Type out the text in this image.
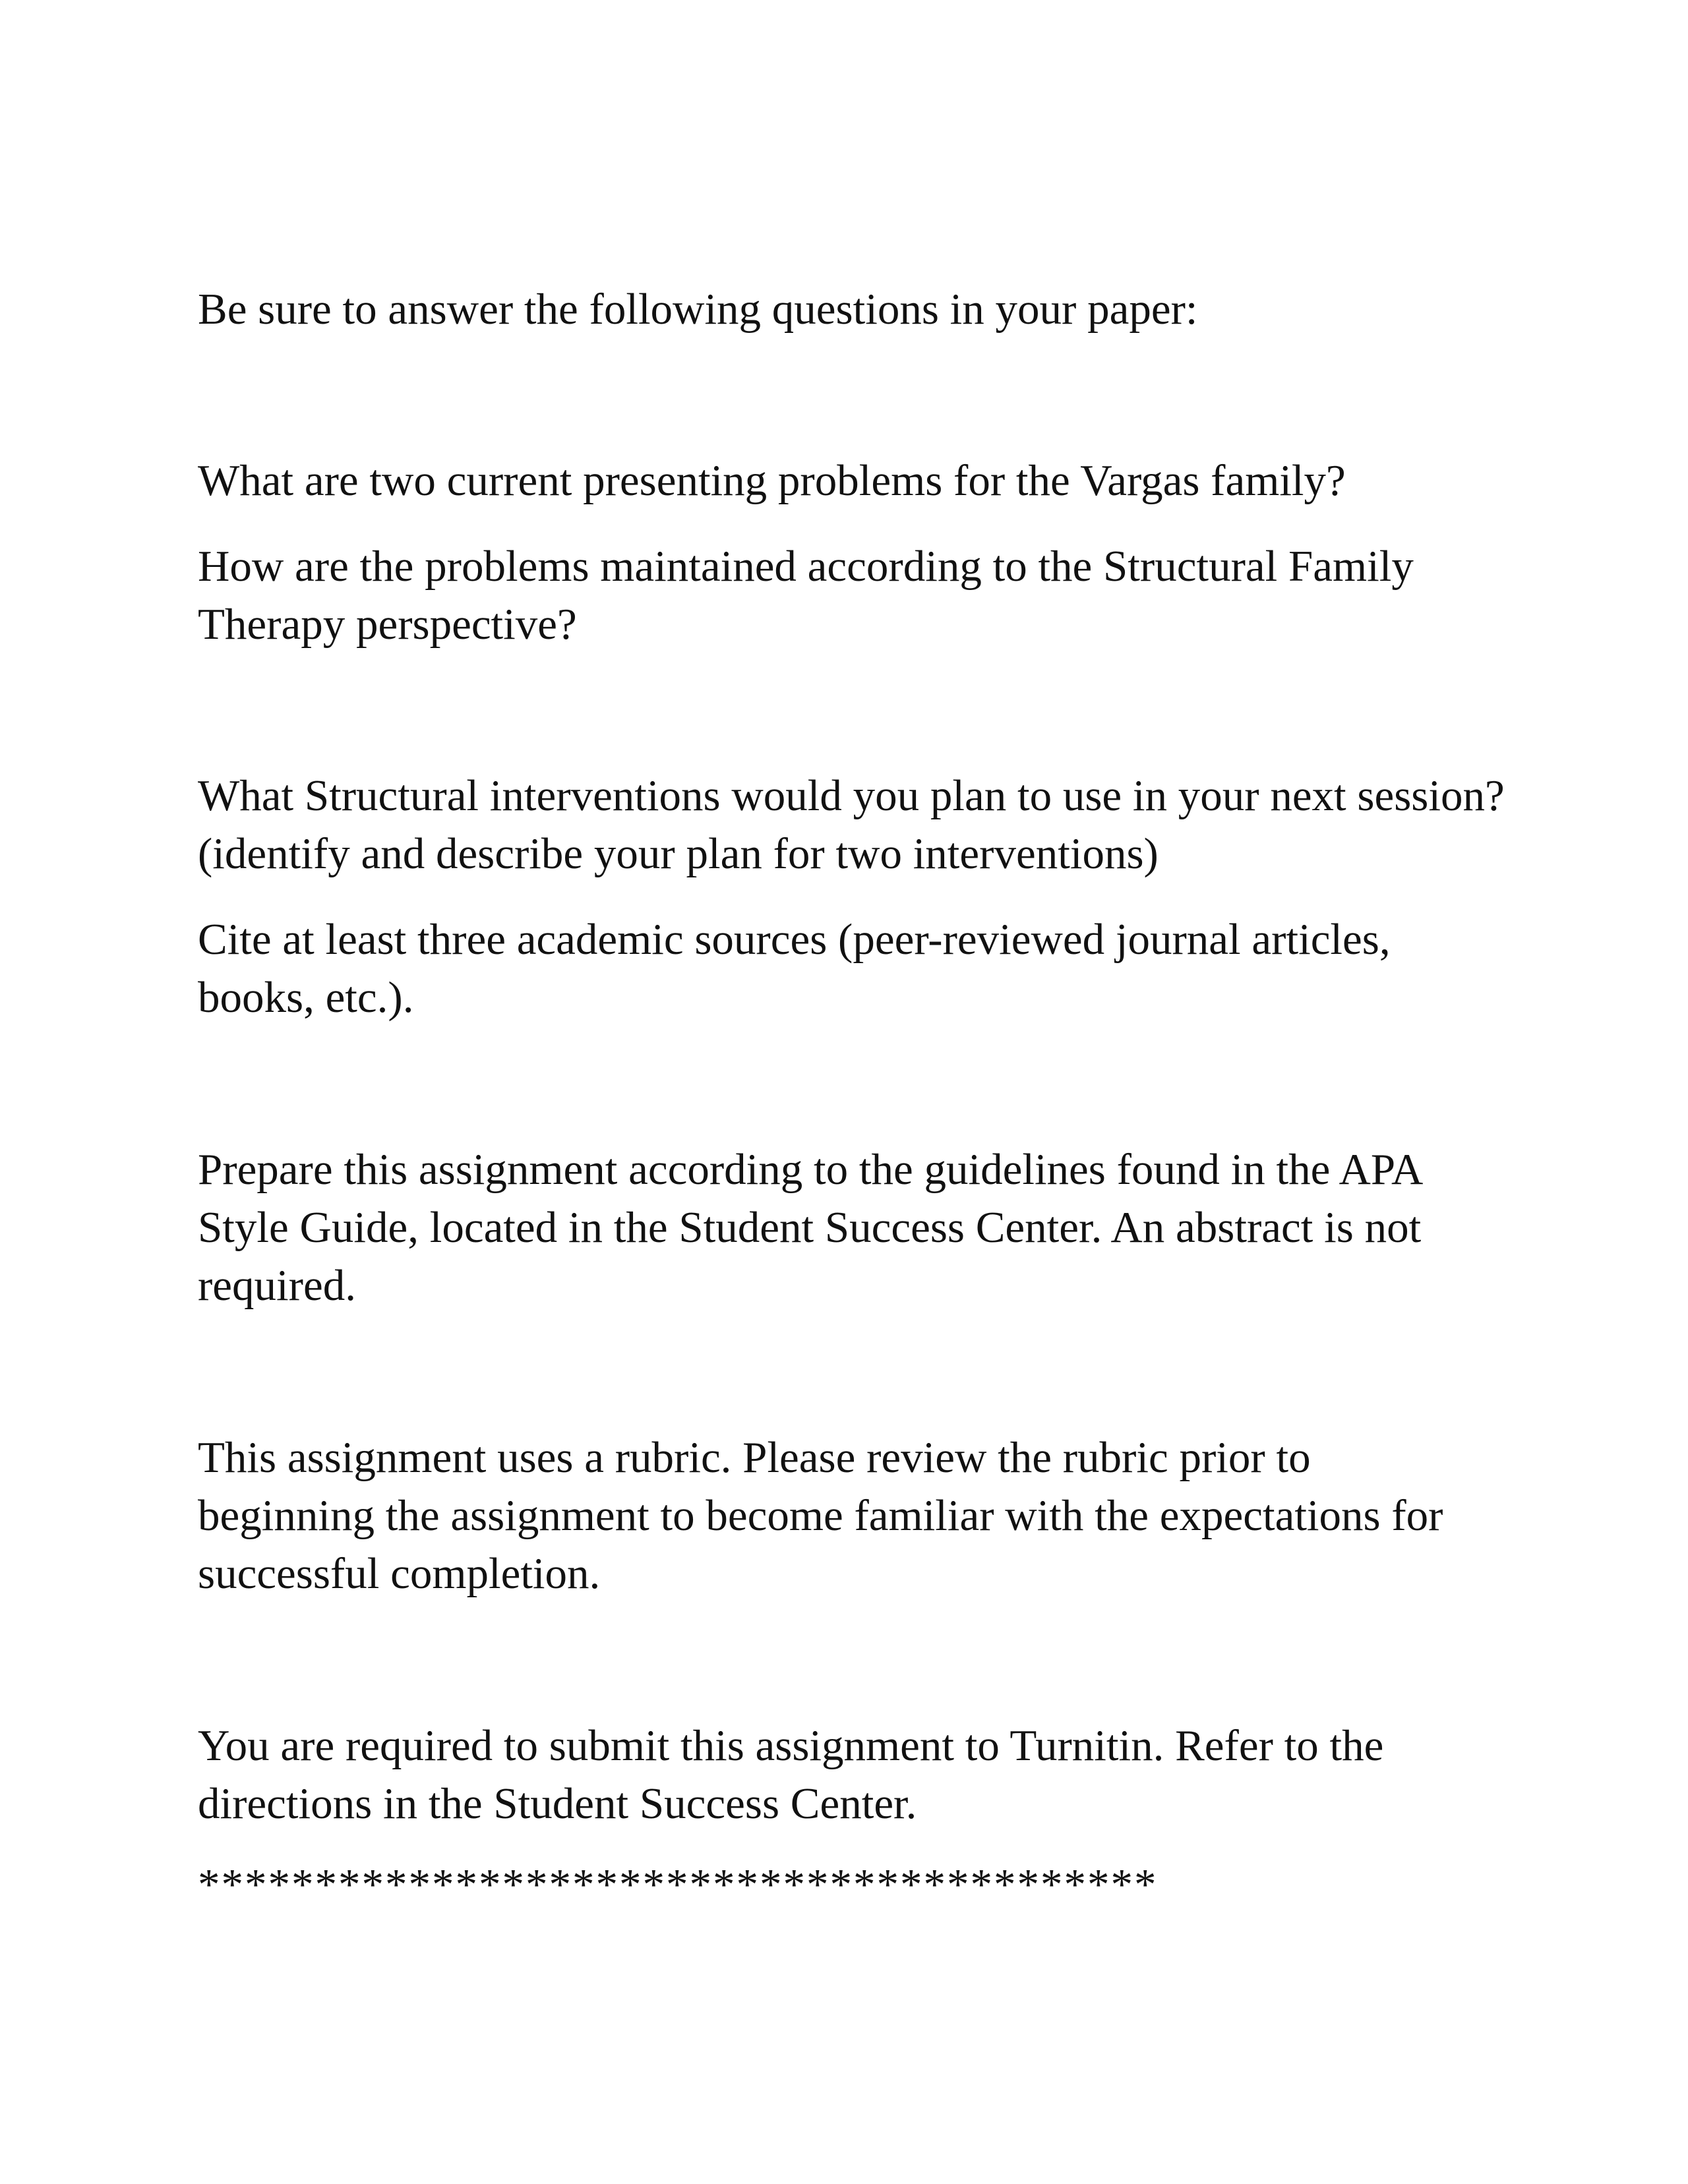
Be sure to answer the following questions in your paper:
What are two current presenting problems for the Vargas family?
How are the problems maintained according to the Structural Family
Therapy perspective?
What Structural interventions would you plan to use in your next session?
(identify and describe your plan for two interventions)
Cite at least three academic sources (peer-reviewed journal articles,
books, etc.).
Prepare this assignment according to the guidelines found in the APA
Style Guide, located in the Student Success Center. An abstract is not
required.
This assignment uses a rubric. Please review the rubric prior to
beginning the assignment to become familiar with the expectations for
successful completion.
You are required to submit this assignment to Turnitin. Refer to the
directions in the Student Success Center.
*****************************************
